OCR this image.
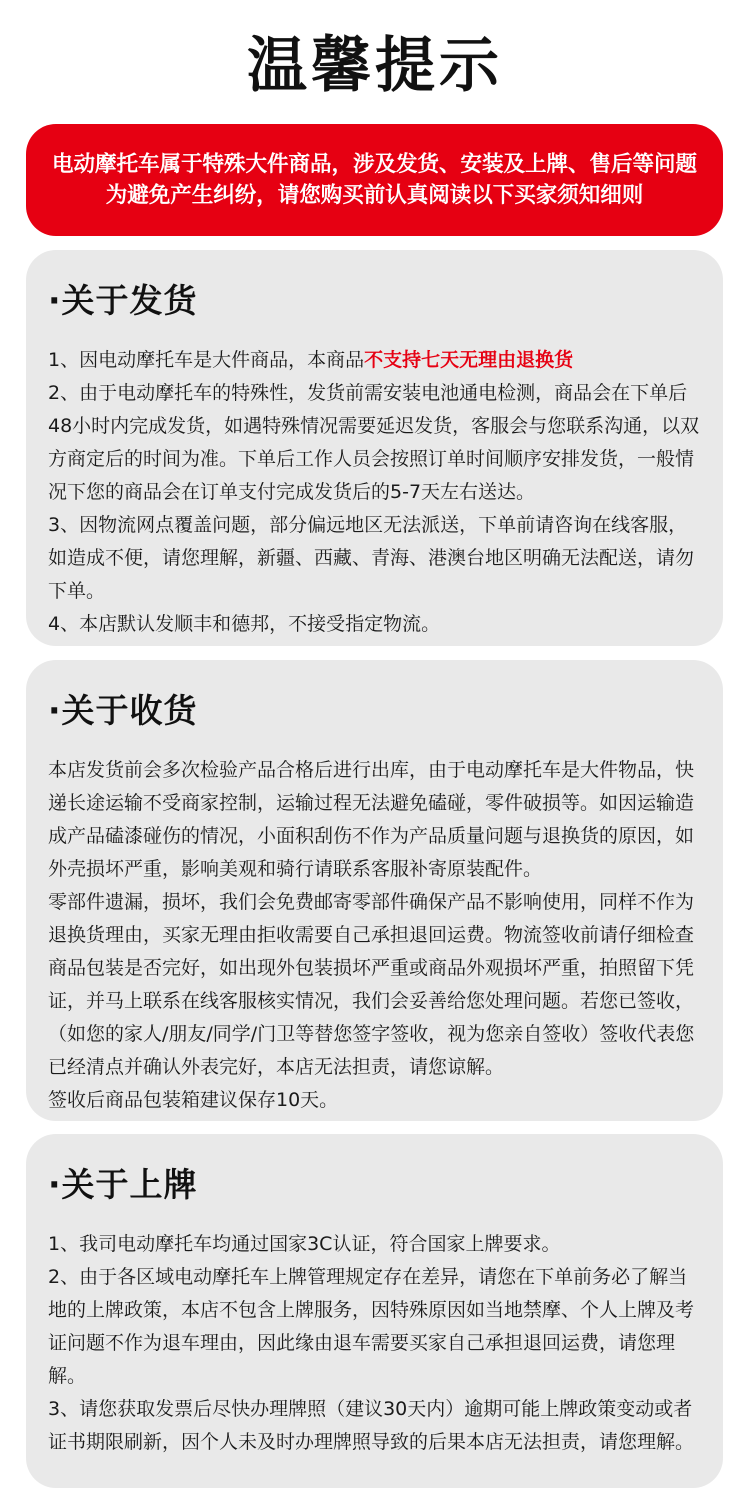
温馨提示
电动摩托车属于特殊大件商品，涉及发货、安装及上牌、售后等问题
为避免产生纠纷，请您购买前认真阅读以下买家须知细则
·关于发货

1、因电动摩托车是大件商品，本商品不支持七天无理由退换货

2、由于电动摩托车的特殊性，发货前需安装电池通电检测，商品会在下单后48小时内完成发货，如遇特殊情况需要延迟发货，客服会与您联系沟通，以双方商定后的时间为准。下单后工作人员会按照订单时间顺序安排发货，一般情况下您的商品会在订单支付完成发货后的5-7天左右送达。

3、因物流网点覆盖问题，部分偏远地区无法派送，下单前请咨询在线客服，如造成不便，请您理解，新疆、西藏、青海、港澳台地区明确无法配送，请勿下单。

4、本店默认发顺丰和德邦，不接受指定物流。

·关于收货

本店发货前会多次检验产品合格后进行出库，由于电动摩托车是大件物品，快递长途运输不受商家控制，运输过程无法避免磕碰，零件破损等。如因运输造成产品磕漆碰伤的情况，小面积刮伤不作为产品质量问题与退换货的原因，如外壳损坏严重，影响美观和骑行请联系客服补寄原装配件。

零部件遗漏，损坏，我们会免费邮寄零部件确保产品不影响使用，同样不作为退换货理由，买家无理由拒收需要自己承担退回运费。物流签收前请仔细检查商品包装是否完好，如出现外包装损坏严重或商品外观损坏严重，拍照留下凭证，并马上联系在线客服核实情况，我们会妥善给您处理问题。若您已签收，（如您的家人/朋友/同学/门卫等替您签字签收，视为您亲自签收）签收代表您已经清点并确认外表完好，本店无法担责，请您谅解。

签收后商品包装箱建议保存10天。

·关于上牌

1、我司电动摩托车均通过国家3C认证，符合国家上牌要求。

2、由于各区域电动摩托车上牌管理规定存在差异，请您在下单前务必了解当地的上牌政策，本店不包含上牌服务，因特殊原因如当地禁摩、个人上牌及考证问题不作为退车理由，因此缘由退车需要买家自己承担退回运费，请您理解。

3、请您获取发票后尽快办理牌照（建议30天内）逾期可能上牌政策变动或者证书期限刷新，因个人未及时办理牌照导致的后果本店无法担责，请您理解。
